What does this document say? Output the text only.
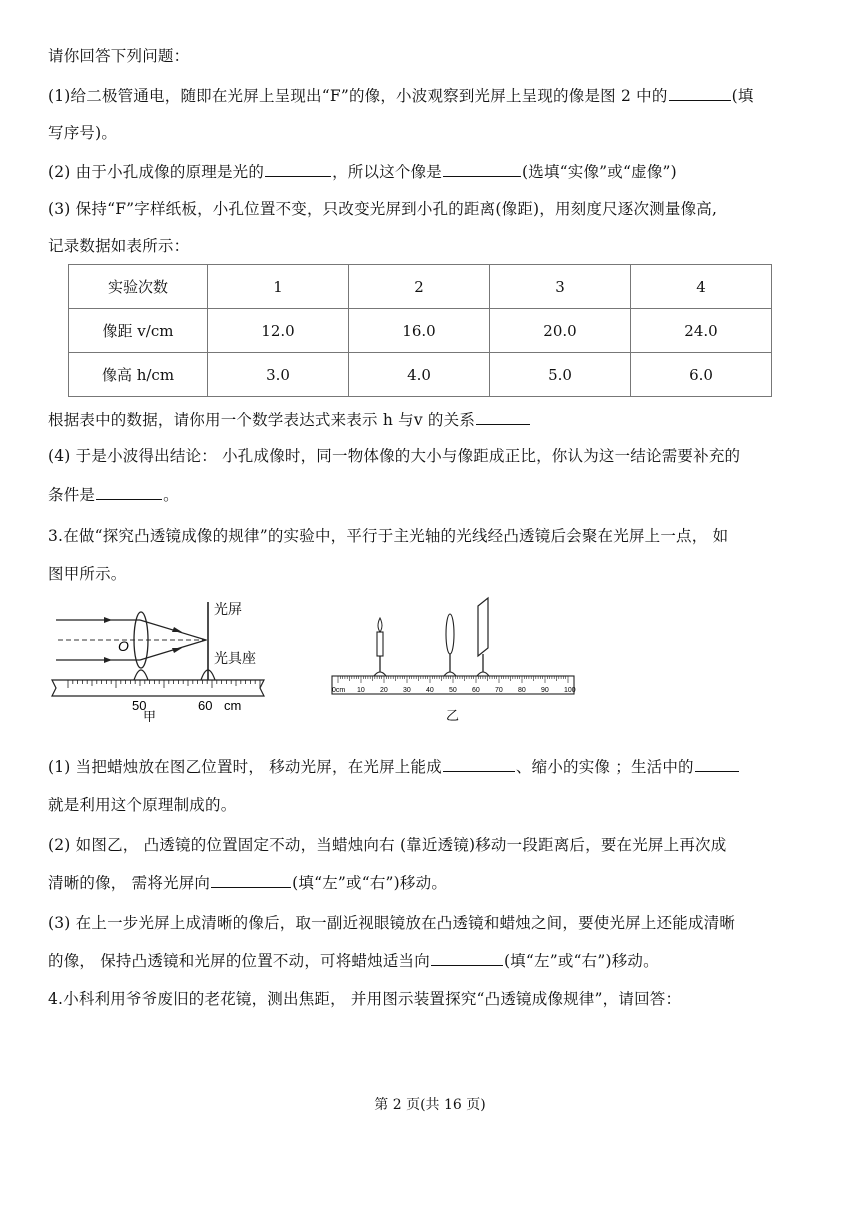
请你回答下列问题：
(1)给二极管通电，随即在光屏上呈现出“F”的像，小波观察到光屏上呈现的像是图 2 中的	(填
写序号)。
(2) 由于小孔成像的原理是光的	，所以这个像是	(选填“实像”或“虚像”)
(3) 保持“F”字样纸板，小孔位置不变，只改变光屏到小孔的距离(像距)，用刻度尺逐次测量像高,
记录数据如表所示：
实验次数	1	2	3	4
像距 v/cm	12.0	16.0	20.0	24.0
像高 h/cm	3.0	4.0	5.0	6.0
根据表中的数据，请你用一个数学表达式来表示 h 与v 的关系
(4) 于是小波得出结论： 小孔成像时，同一物体像的大小与像距成正比，你认为这一结论需要补充的
条件是	。
3.在做“探究凸透镜成像的规律”的实验中，平行于主光轴的光线经凸透镜后会聚在光屏上一点， 如
图甲所示。
O
光屏
光具座
50	60 cm
甲
0cm 10 20 30 40 50 60 70 80 90 100
乙
(1) 当把蜡烛放在图乙位置时， 移动光屏，在光屏上能成	、缩小的实像 ；生活中的
就是利用这个原理制成的。
(2) 如图乙， 凸透镜的位置固定不动，当蜡烛向右 (靠近透镜)移动一段距离后，要在光屏上再次成
清晰的像， 需将光屏向	(填“左”或“右”)移动。
(3) 在上一步光屏上成清晰的像后，取一副近视眼镜放在凸透镜和蜡烛之间，要使光屏上还能成清晰
的像， 保持凸透镜和光屏的位置不动，可将蜡烛适当向	(填“左”或“右”)移动。
4.小科利用爷爷废旧的老花镜，测出焦距， 并用图示装置探究“凸透镜成像规律”，请回答：
第 2 页(共 16 页)
